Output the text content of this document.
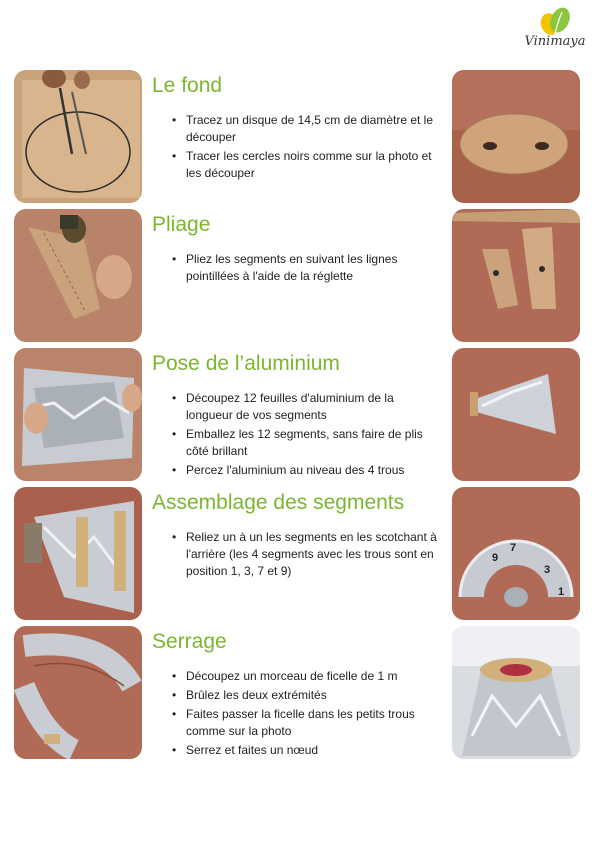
Vinimaya
Le fond
• Tracez un disque de 14,5 cm de diamètre et le découper
• Tracer les cercles noirs comme sur la photo et les découper
Pliage
• Pliez les segments en suivant les lignes pointillées à l'aide de la réglette
Pose de l’aluminium
• Découpez 12 feuilles d'aluminium de la longueur de vos segments
• Emballez les 12 segments, sans faire de plis côté brillant
• Percez l'aluminium au niveau des 4 trous
Assemblage des segments
• Reliez un à un les segments en les scotchant à l'arrière (les 4 segments avec les trous sont en position 1, 3, 7 et 9)
9
7
3
1
Serrage
• Découpez un morceau de ficelle de 1 m
• Brûlez les deux extrémités
• Faites passer la ficelle dans les petits trous comme sur la photo
• Serrez et faites un nœud
